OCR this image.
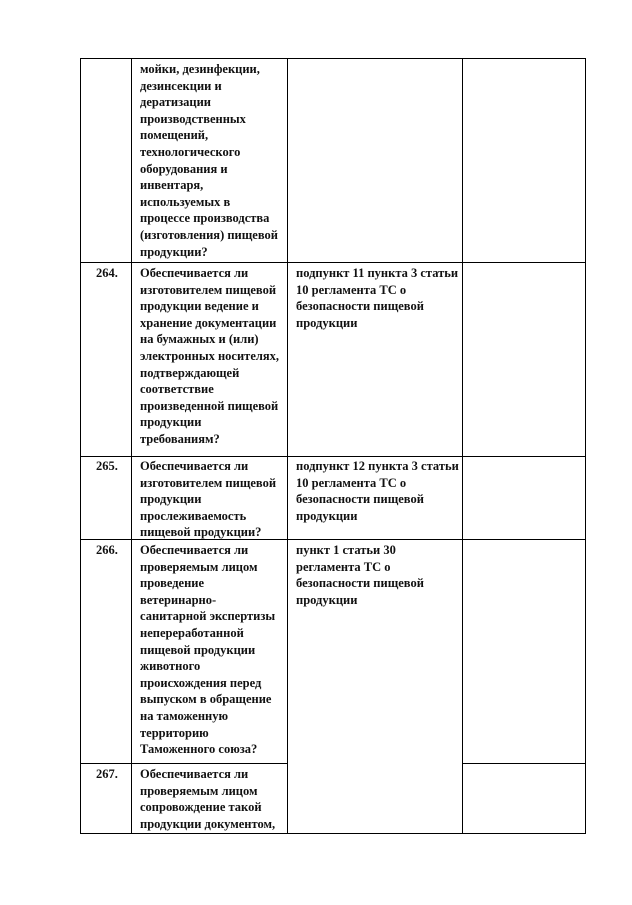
мойки, дезинфекции,
дезинсекции и
дератизации
производственных
помещений,
технологического
оборудования и
инвентаря,
используемых в
процессе производства
(изготовления) пищевой
продукции?
264. Обеспечивается ли
изготовителем пищевой
продукции ведение и
хранение документации
на бумажных и (или)
электронных носителях,
подтверждающей
соответствие
произведенной пищевой
продукции
требованиям?
подпункт 11 пункта 3 статьи
10 регламента ТС о
безопасности пищевой
продукции
265. Обеспечивается ли
изготовителем пищевой
продукции
прослеживаемость
пищевой продукции?
подпункт 12 пункта 3 статьи
10 регламента ТС о
безопасности пищевой
продукции
266. Обеспечивается ли
проверяемым лицом
проведение
ветеринарно-
санитарной экспертизы
непереработанной
пищевой продукции
животного
происхождения перед
выпуском в обращение
на таможенную
территорию
Таможенного союза?
пункт 1 статьи 30
регламента ТС о
безопасности пищевой
продукции
267. Обеспечивается ли
проверяемым лицом
сопровождение такой
продукции документом,
